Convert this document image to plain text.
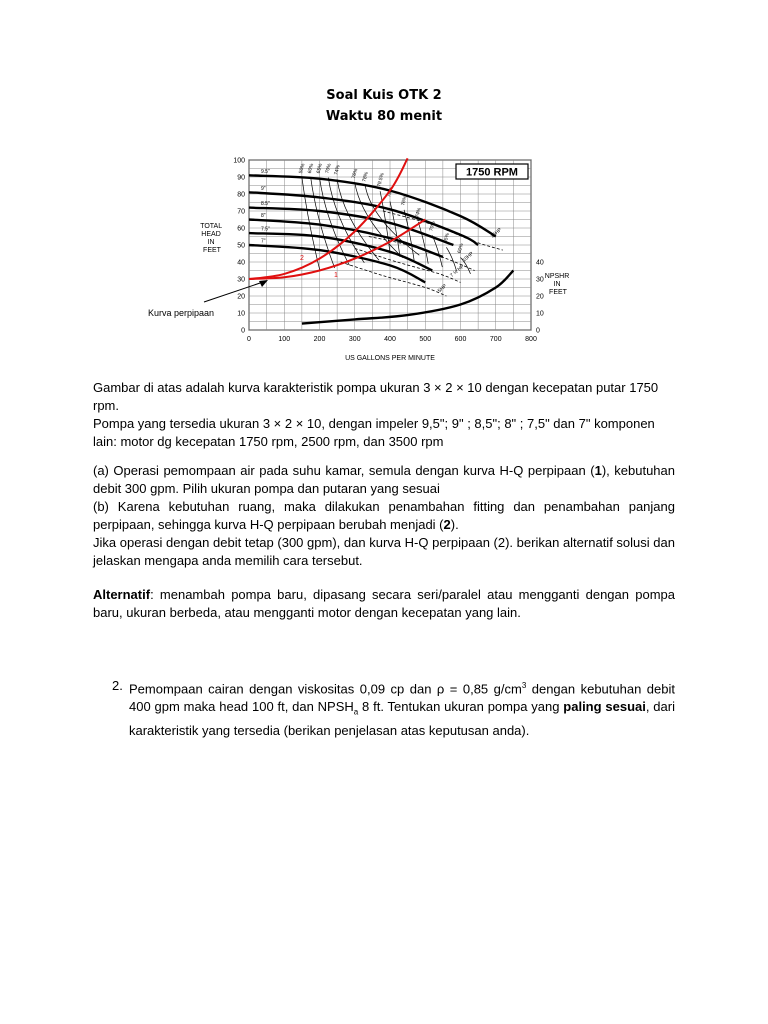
Soal Kuis OTK 2
Waktu 80 menit
100
90
80
70
60
50
40
30
20
10
0
40
30
20
10
0
0	100	200	300	400	500	600	700	800
TOTAL HEAD IN FEET
NPSHR IN FEET
US GALLONS PER MINUTE
1750 RPM
50% 60% 65% 70% 74% 76% 78% 79.5%
78%
76%
74%
70%
65%
60%
15HP
10HP
7 ½ HP
5HP
9.5"
9"
8.5"
8"
7.5"
7"
2
1
Kurva perpipaan
Gambar di atas adalah kurva karakteristik pompa ukuran 3 × 2 × 10 dengan kecepatan putar 1750 rpm.
Pompa yang tersedia ukuran 3 × 2 × 10, dengan impeler 9,5"; 9" ; 8,5"; 8" ; 7,5" dan 7" komponen lain: motor dg kecepatan 1750 rpm, 2500 rpm, dan 3500 rpm
(a) Operasi pemompaan air pada suhu kamar, semula dengan kurva H-Q perpipaan (1), kebutuhan debit 300 gpm. Pilih ukuran pompa dan putaran yang sesuai
(b) Karena kebutuhan ruang, maka dilakukan penambahan fitting dan penambahan panjang perpipaan, sehingga kurva H-Q perpipaan berubah menjadi (2).
Jika operasi dengan debit tetap (300 gpm), dan kurva H-Q perpipaan (2). berikan alternatif solusi dan jelaskan mengapa anda memilih cara tersebut.
Alternatif: menambah pompa baru, dipasang secara seri/paralel atau mengganti dengan pompa baru, ukuran berbeda, atau mengganti motor dengan kecepatan yang lain.
2. Pemompaan cairan dengan viskositas 0,09 cp dan ρ = 0,85 $g/cm^3$ dengan kebutuhan debit 400 gpm maka head 100 ft, dan $NPSH_a$ 8 ft. Tentukan ukuran pompa yang paling sesuai, dari karakteristik yang tersedia (berikan penjelasan atas keputusan anda).
